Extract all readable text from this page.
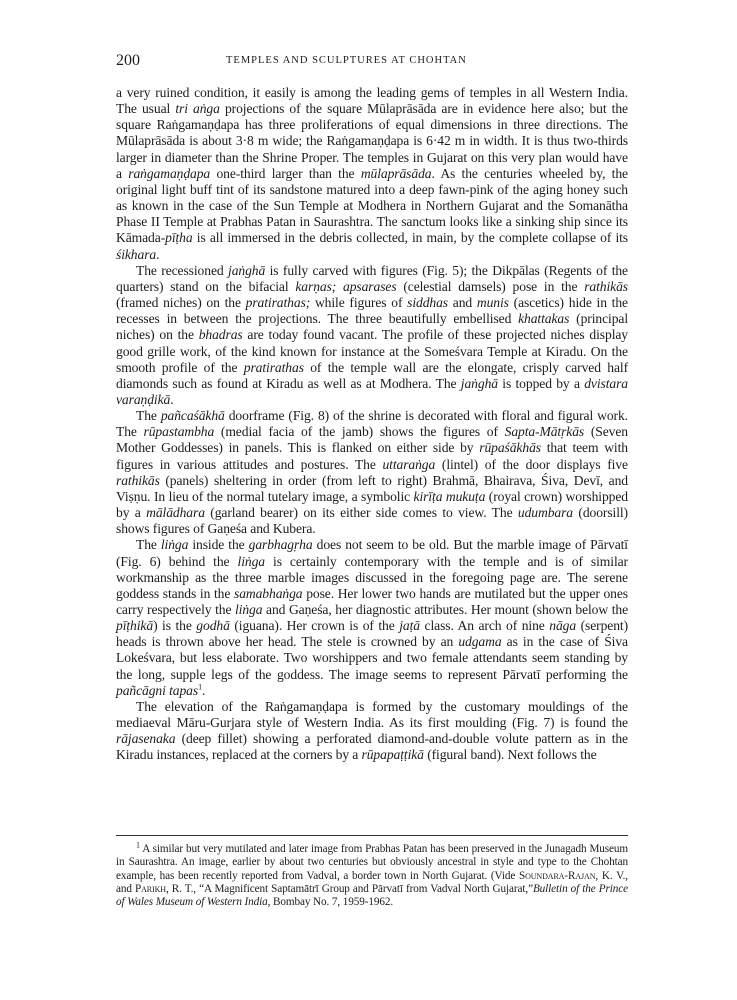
200	TEMPLES AND SCULPTURES AT CHOHTAN

a very ruined condition, it easily is among the leading gems of temples in all Western India. The usual tri aṅga projections of the square Mūlaprāsāda are in evidence here also; but the square Raṅgamaṇḍapa has three proliferations of equal dimensions in three directions. The Mūlaprāsāda is about 3·8 m wide; the Raṅgamaṇḍapa is 6·42 m in width. It is thus two-thirds larger in diameter than the Shrine Proper. The temples in Gujarat on this very plan would have a raṅgamaṇḍapa one-third larger than the mūlaprāsāda. As the centuries wheeled by, the original light buff tint of its sandstone matured into a deep fawn-pink of the aging honey such as known in the case of the Sun Temple at Modhera in Northern Gujarat and the Somanātha Phase II Temple at Prabhas Patan in Saurashtra. The sanctum looks like a sinking ship since its Kāmada-pīṭha is all immersed in the debris collected, in main, by the complete collapse of its śikhara.

The recessioned jaṅghā is fully carved with figures (Fig. 5); the Dikpālas (Regents of the quarters) stand on the bifacial karṇas; apsarases (celestial damsels) pose in the rathikās (framed niches) on the pratirathas; while figures of siddhas and munis (ascetics) hide in the recesses in between the projections. The three beautifully embellised khattakas (principal niches) on the bhadras are today found vacant. The profile of these projected niches display good grille work, of the kind known for instance at the Someśvara Temple at Kiradu. On the smooth profile of the pratirathas of the temple wall are the elongate, crisply carved half diamonds such as found at Kiradu as well as at Modhera. The jaṅghā is topped by a dvistara varaṇḍikā.

The pañcaśākhā doorframe (Fig. 8) of the shrine is decorated with floral and figural work. The rūpastambha (medial facia of the jamb) shows the figures of Sapta-Mātṛkās (Seven Mother Goddesses) in panels. This is flanked on either side by rūpaśākhās that teem with figures in various attitudes and postures. The uttaraṅga (lintel) of the door displays five rathikās (panels) sheltering in order (from left to right) Brahmā, Bhairava, Śiva, Devī, and Viṣṇu. In lieu of the normal tutelary image, a symbolic kirīṭa mukuṭa (royal crown) worshipped by a mālādhara (garland bearer) on its either side comes to view. The udumbara (doorsill) shows figures of Gaṇeśa and Kubera.

The liṅga inside the garbhagṛha does not seem to be old. But the marble image of Pārvatī (Fig. 6) behind the liṅga is certainly contemporary with the temple and is of similar workmanship as the three marble images discussed in the foregoing page are. The serene goddess stands in the samabhaṅga pose. Her lower two hands are mutilated but the upper ones carry respectively the liṅga and Gaṇeśa, her diagnostic attributes. Her mount (shown below the pīṭhikā) is the godhā (iguana). Her crown is of the jaṭā class. An arch of nine nāga (serpent) heads is thrown above her head. The stele is crowned by an udgama as in the case of Śiva Lokeśvara, but less elaborate. Two worshippers and two female attendants seem standing by the long, supple legs of the goddess. The image seems to represent Pārvatī performing the pañcāgni tapas$^1$.

The elevation of the Raṅgamaṇḍapa is formed by the customary mouldings of the mediaeval Māru-Gurjara style of Western India. As its first moulding (Fig. 7) is found the rājasenaka (deep fillet) showing a perforated diamond-and-double volute pattern as in the Kiradu instances, replaced at the corners by a rūpapaṭṭikā (figural band). Next follows the

$^1$ A similar but very mutilated and later image from Prabhas Patan has been preserved in the Junagadh Museum in Saurashtra. An image, earlier by about two centuries but obviously ancestral in style and type to the Chohtan example, has been recently reported from Vadval, a border town in North Gujarat. (Vide Soundara-Rajan, K. V., and Parikh, R. T., “A Magnificent Saptamātrī Group and Pārvatī from Vadval North Gujarat,”Bulletin of the Prince of Wales Museum of Western India, Bombay No. 7, 1959-1962.
